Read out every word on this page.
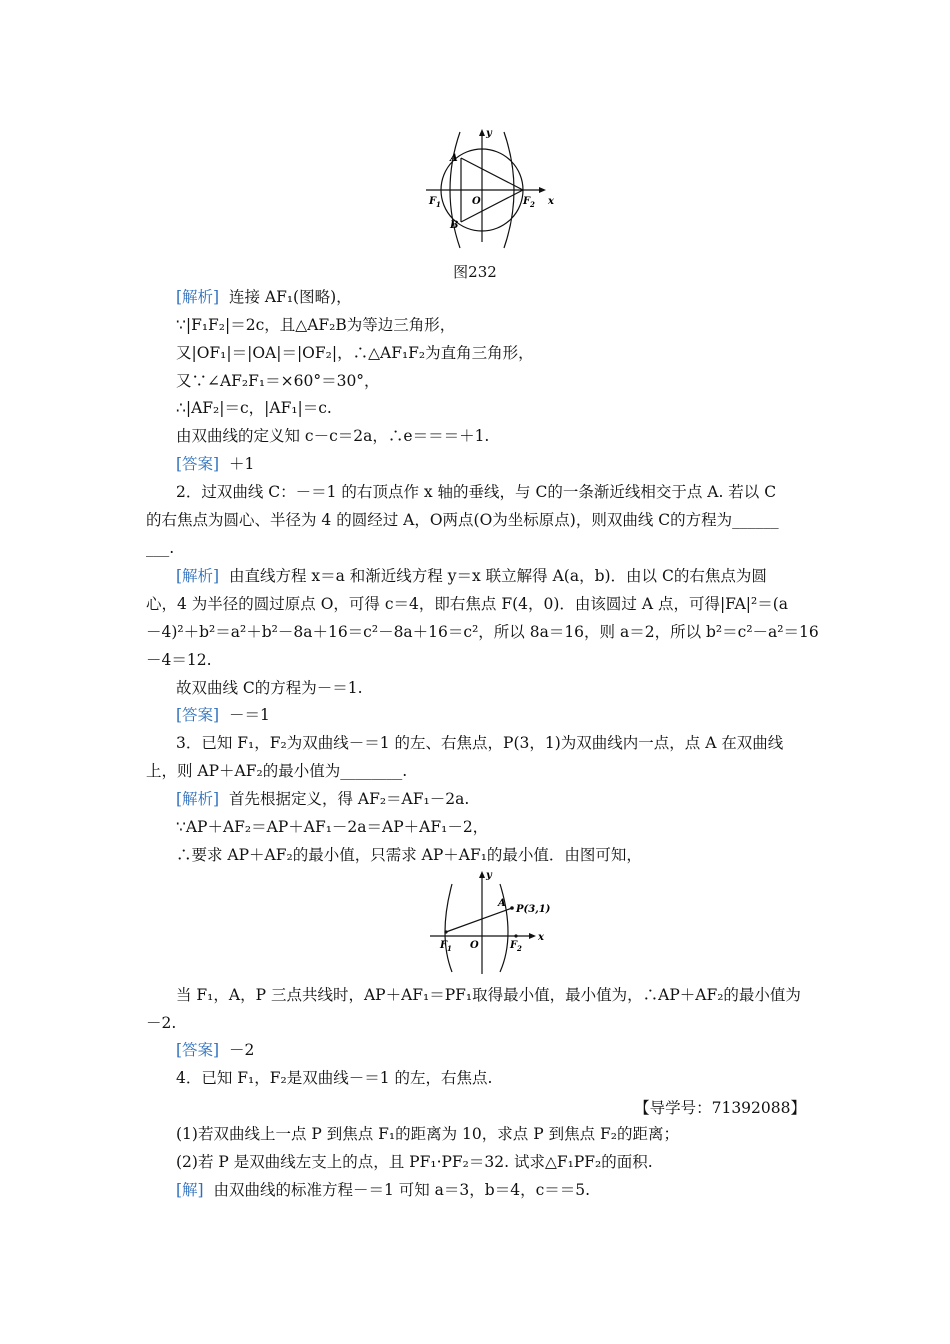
y
x
A
B
O
F 1	F 2
图232
[解析] 连接 AF₁(图略)，
∵|F₁F₂|＝2c，且△AF₂B为等边三角形，
又|OF₁|＝|OA|＝|OF₂|，∴△AF₁F₂为直角三角形，
又∵∠AF₂F₁＝×60°＝30°，
∴|AF₂|＝c，|AF₁|＝c.
由双曲线的定义知 c－c＝2a，∴e＝＝＝＋1.
[答案] ＋1
2．过双曲线 C：－＝1 的右顶点作 x 轴的垂线，与 C的一条渐近线相交于点 A. 若以 C
的右焦点为圆心、半径为 4 的圆经过 A，O两点(O为坐标原点)，则双曲线 C的方程为______
___.
[解析] 由直线方程 x＝a 和渐近线方程 y＝x 联立解得 A(a，b)．由以 C的右焦点为圆
心，4 为半径的圆过原点 O，可得 c＝4，即右焦点 F(4，0)．由该圆过 A 点，可得|FA|²＝(a
－4)²＋b²＝a²＋b²－8a＋16＝c²－8a＋16＝c²，所以 8a＝16，则 a＝2，所以 b²＝c²－a²＝16
－4＝12.
故双曲线 C的方程为－＝1.
[答案] －＝1
3．已知 F₁，F₂为双曲线－＝1 的左、右焦点，P(3，1)为双曲线内一点，点 A 在双曲线
上，则 AP＋AF₂的最小值为________.
[解析] 首先根据定义，得 AF₂＝AF₁－2a.
∵AP＋AF₂＝AP＋AF₁－2a＝AP＋AF₁－2，
∴要求 AP＋AF₂的最小值，只需求 AP＋AF₁的最小值．由图可知，
y
x
A
P(3,1)
O
F 1	F 2
当 F₁，A，P 三点共线时，AP＋AF₁＝PF₁取得最小值，最小值为，∴AP＋AF₂的最小值为
－2.
[答案] －2
4．已知 F₁，F₂是双曲线－＝1 的左，右焦点.
【导学号：71392088】
(1)若双曲线上一点 P 到焦点 F₁的距离为 10，求点 P 到焦点 F₂的距离；
(2)若 P 是双曲线左支上的点，且 PF₁·PF₂＝32. 试求△F₁PF₂的面积.
[解] 由双曲线的标准方程－＝1 可知 a＝3，b＝4，c＝＝5.
